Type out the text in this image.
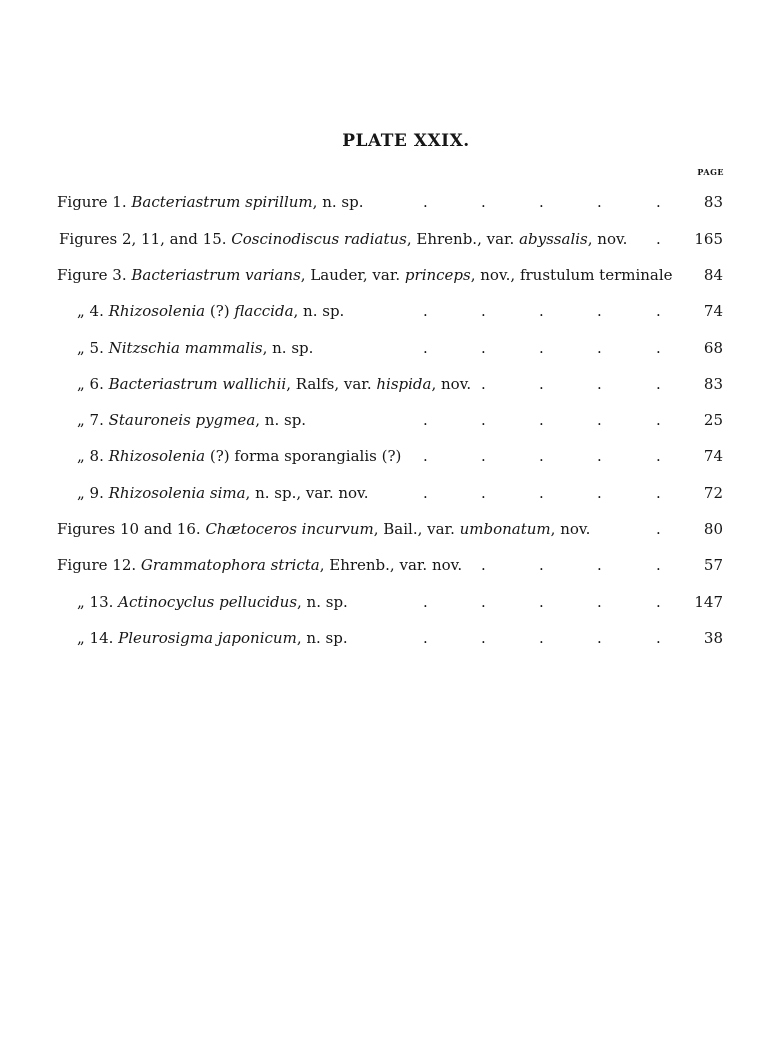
PLATE XXIX.
PAGE
Figure 1. Bacteriastrum spirillum, n. sp.	.	.	.	.	.	83
Figures 2, 11, and 15. Coscinodiscus radiatus, Ehrenb., var. abyssalis, nov. . 165
Figure 3. Bacteriastrum varians, Lauder, var. princeps, nov., frustulum terminale 84
„ 4. Rhizosolenia (?) flaccida, n. sp.	.	.	.	.	.	74
„ 5. Nitzschia mammalis, n. sp.	.	.	.	.	.	68
„ 6. Bacteriastrum wallichii, Ralfs, var. hispida, nov. .	.	.	.	83
„ 7. Stauroneis pygmea, n. sp.	.	.	.	.	.	25
„ 8. Rhizosolenia (?) forma sporangialis (?) .	.	.	.	.	74
„ 9. Rhizosolenia sima, n. sp., var. nov.	.	.	.	.	.	72
Figures 10 and 16. Chætoceros incurvum, Bail., var. umbonatum, nov.	.	80
Figure 12. Grammatophora stricta, Ehrenb., var. nov. .	.	.	.	57
„ 13. Actinocyclus pellucidus, n. sp.	.	.	.	.	. 147
„ 14. Pleurosigma japonicum, n. sp.	.	.	.	.	.	38
